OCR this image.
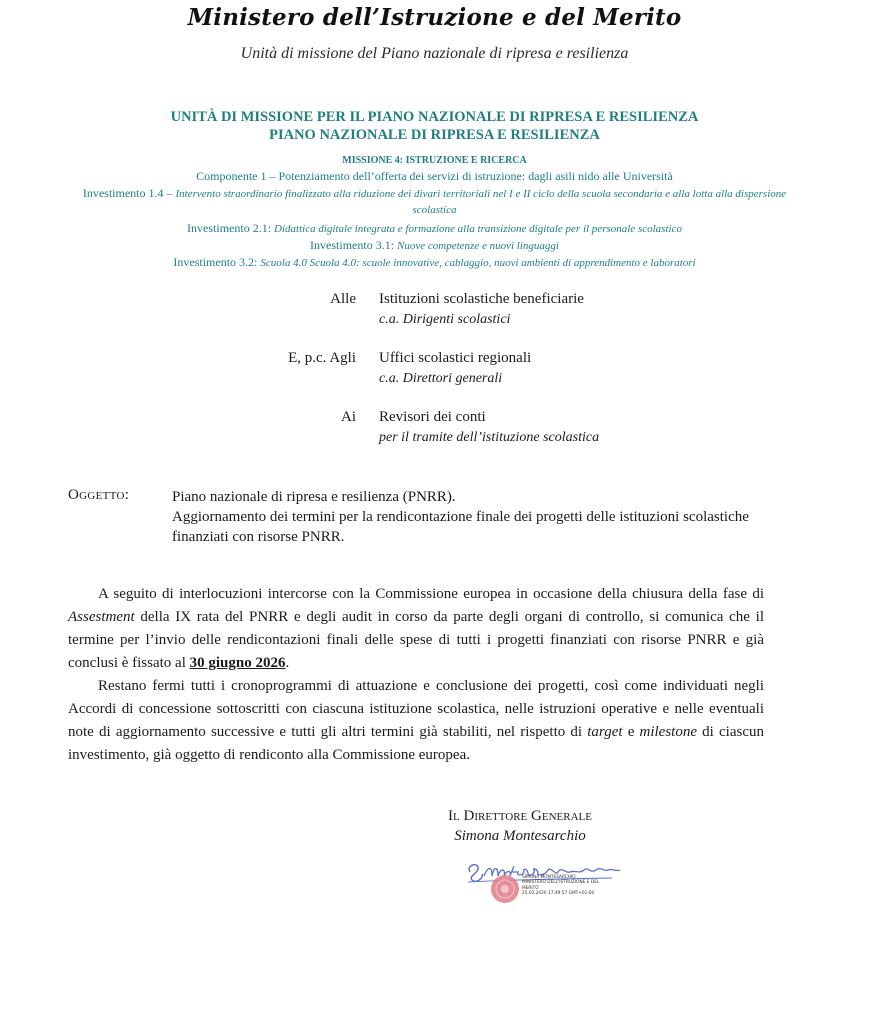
Ministero dell’Istruzione e del Merito
Unità di missione del Piano nazionale di ripresa e resilienza
UNITÀ DI MISSIONE PER IL PIANO NAZIONALE DI RIPRESA E RESILIENZA
PIANO NAZIONALE DI RIPRESA E RESILIENZA
MISSIONE 4: ISTRUZIONE E RICERCA
Componente 1 – Potenziamento dell’offerta dei servizi di istruzione: dagli asili nido alle Università
Investimento 1.4 – Intervento straordinario finalizzato alla riduzione dei divari territoriali nel I e II ciclo della scuola secondaria e alla lotta alla dispersione scolastica
Investimento 2.1: Didattica digitale integrata e formazione alla transizione digitale per il personale scolastico
Investimento 3.1: Nuove competenze e nuovi linguaggi
Investimento 3.2: Scuola 4.0 Scuola 4.0: scuole innovative, cablaggio, nuovi ambienti di apprendimento e laboratori
Alle Istituzioni scolastiche beneficiarie
c.a. Dirigenti scolastici
E, p.c. Agli Uffici scolastici regionali
c.a. Direttori generali
Ai Revisori dei conti
per il tramite dell’istituzione scolastica
Oggetto:	Piano nazionale di ripresa e resilienza (PNRR).
Aggiornamento dei termini per la rendicontazione finale dei progetti delle istituzioni scolastiche finanziati con risorse PNRR.

A seguito di interlocuzioni intercorse con la Commissione europea in occasione della chiusura della fase di Assestment della IX rata del PNRR e degli audit in corso da parte degli organi di controllo, si comunica che il termine per l’invio delle rendicontazioni finali delle spese di tutti i progetti finanziati con risorse PNRR e già conclusi è fissato al 30 giugno 2026.

Restano fermi tutti i cronoprogrammi di attuazione e conclusione dei progetti, così come individuati negli Accordi di concessione sottoscritti con ciascuna istituzione scolastica, nelle istruzioni operative e nelle eventuali note di aggiornamento successive e tutti gli altri termini già stabiliti, nel rispetto di target e milestone di ciascun investimento, già oggetto di rendiconto alla Commissione europea.

Il Direttore Generale
Simona Montesarchio
SIMONA MONTESARCHIO
MINISTERO DELL'ISTRUZIONE E DEL
MERITO
25.02.2026 17:49:57 GMT+01:00
